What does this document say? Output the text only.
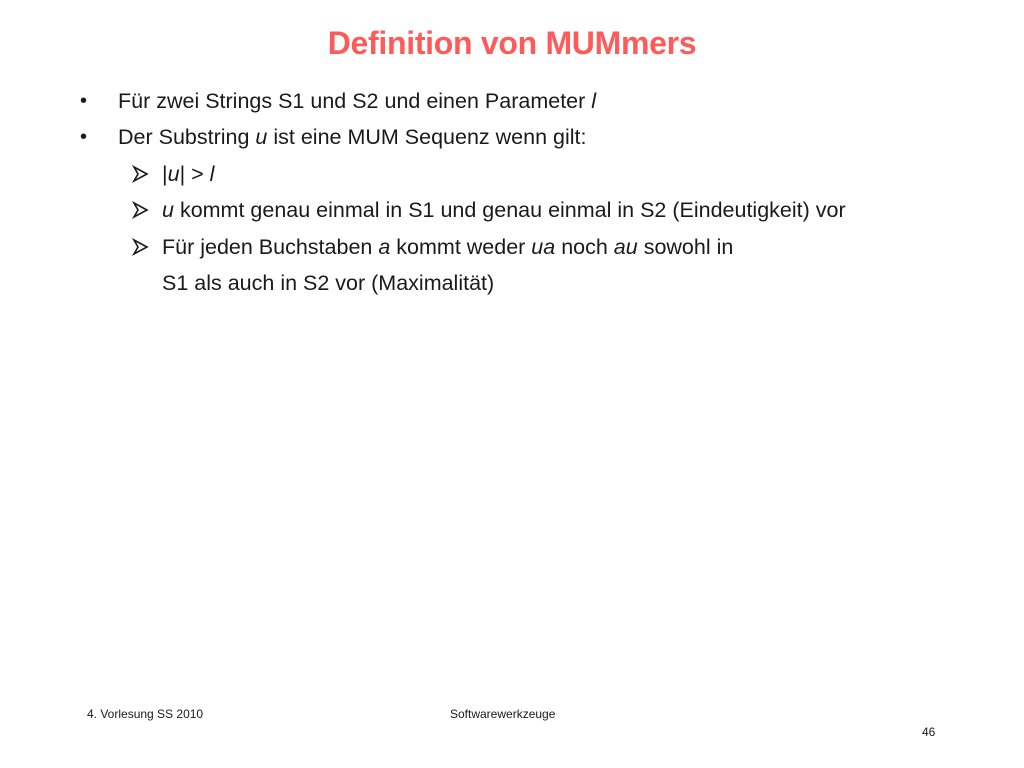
Definition von MUMmers
• Für zwei Strings S1 und S2 und einen Parameter l
• Der Substring u ist eine MUM Sequenz wenn gilt:
|u| > l
u kommt genau einmal in S1 und genau einmal in S2 (Eindeutigkeit) vor
Für jeden Buchstaben a kommt weder ua noch au sowohl in
S1 als auch in S2 vor (Maximalität)
4. Vorlesung SS 2010	Softwarewerkzeuge
46
